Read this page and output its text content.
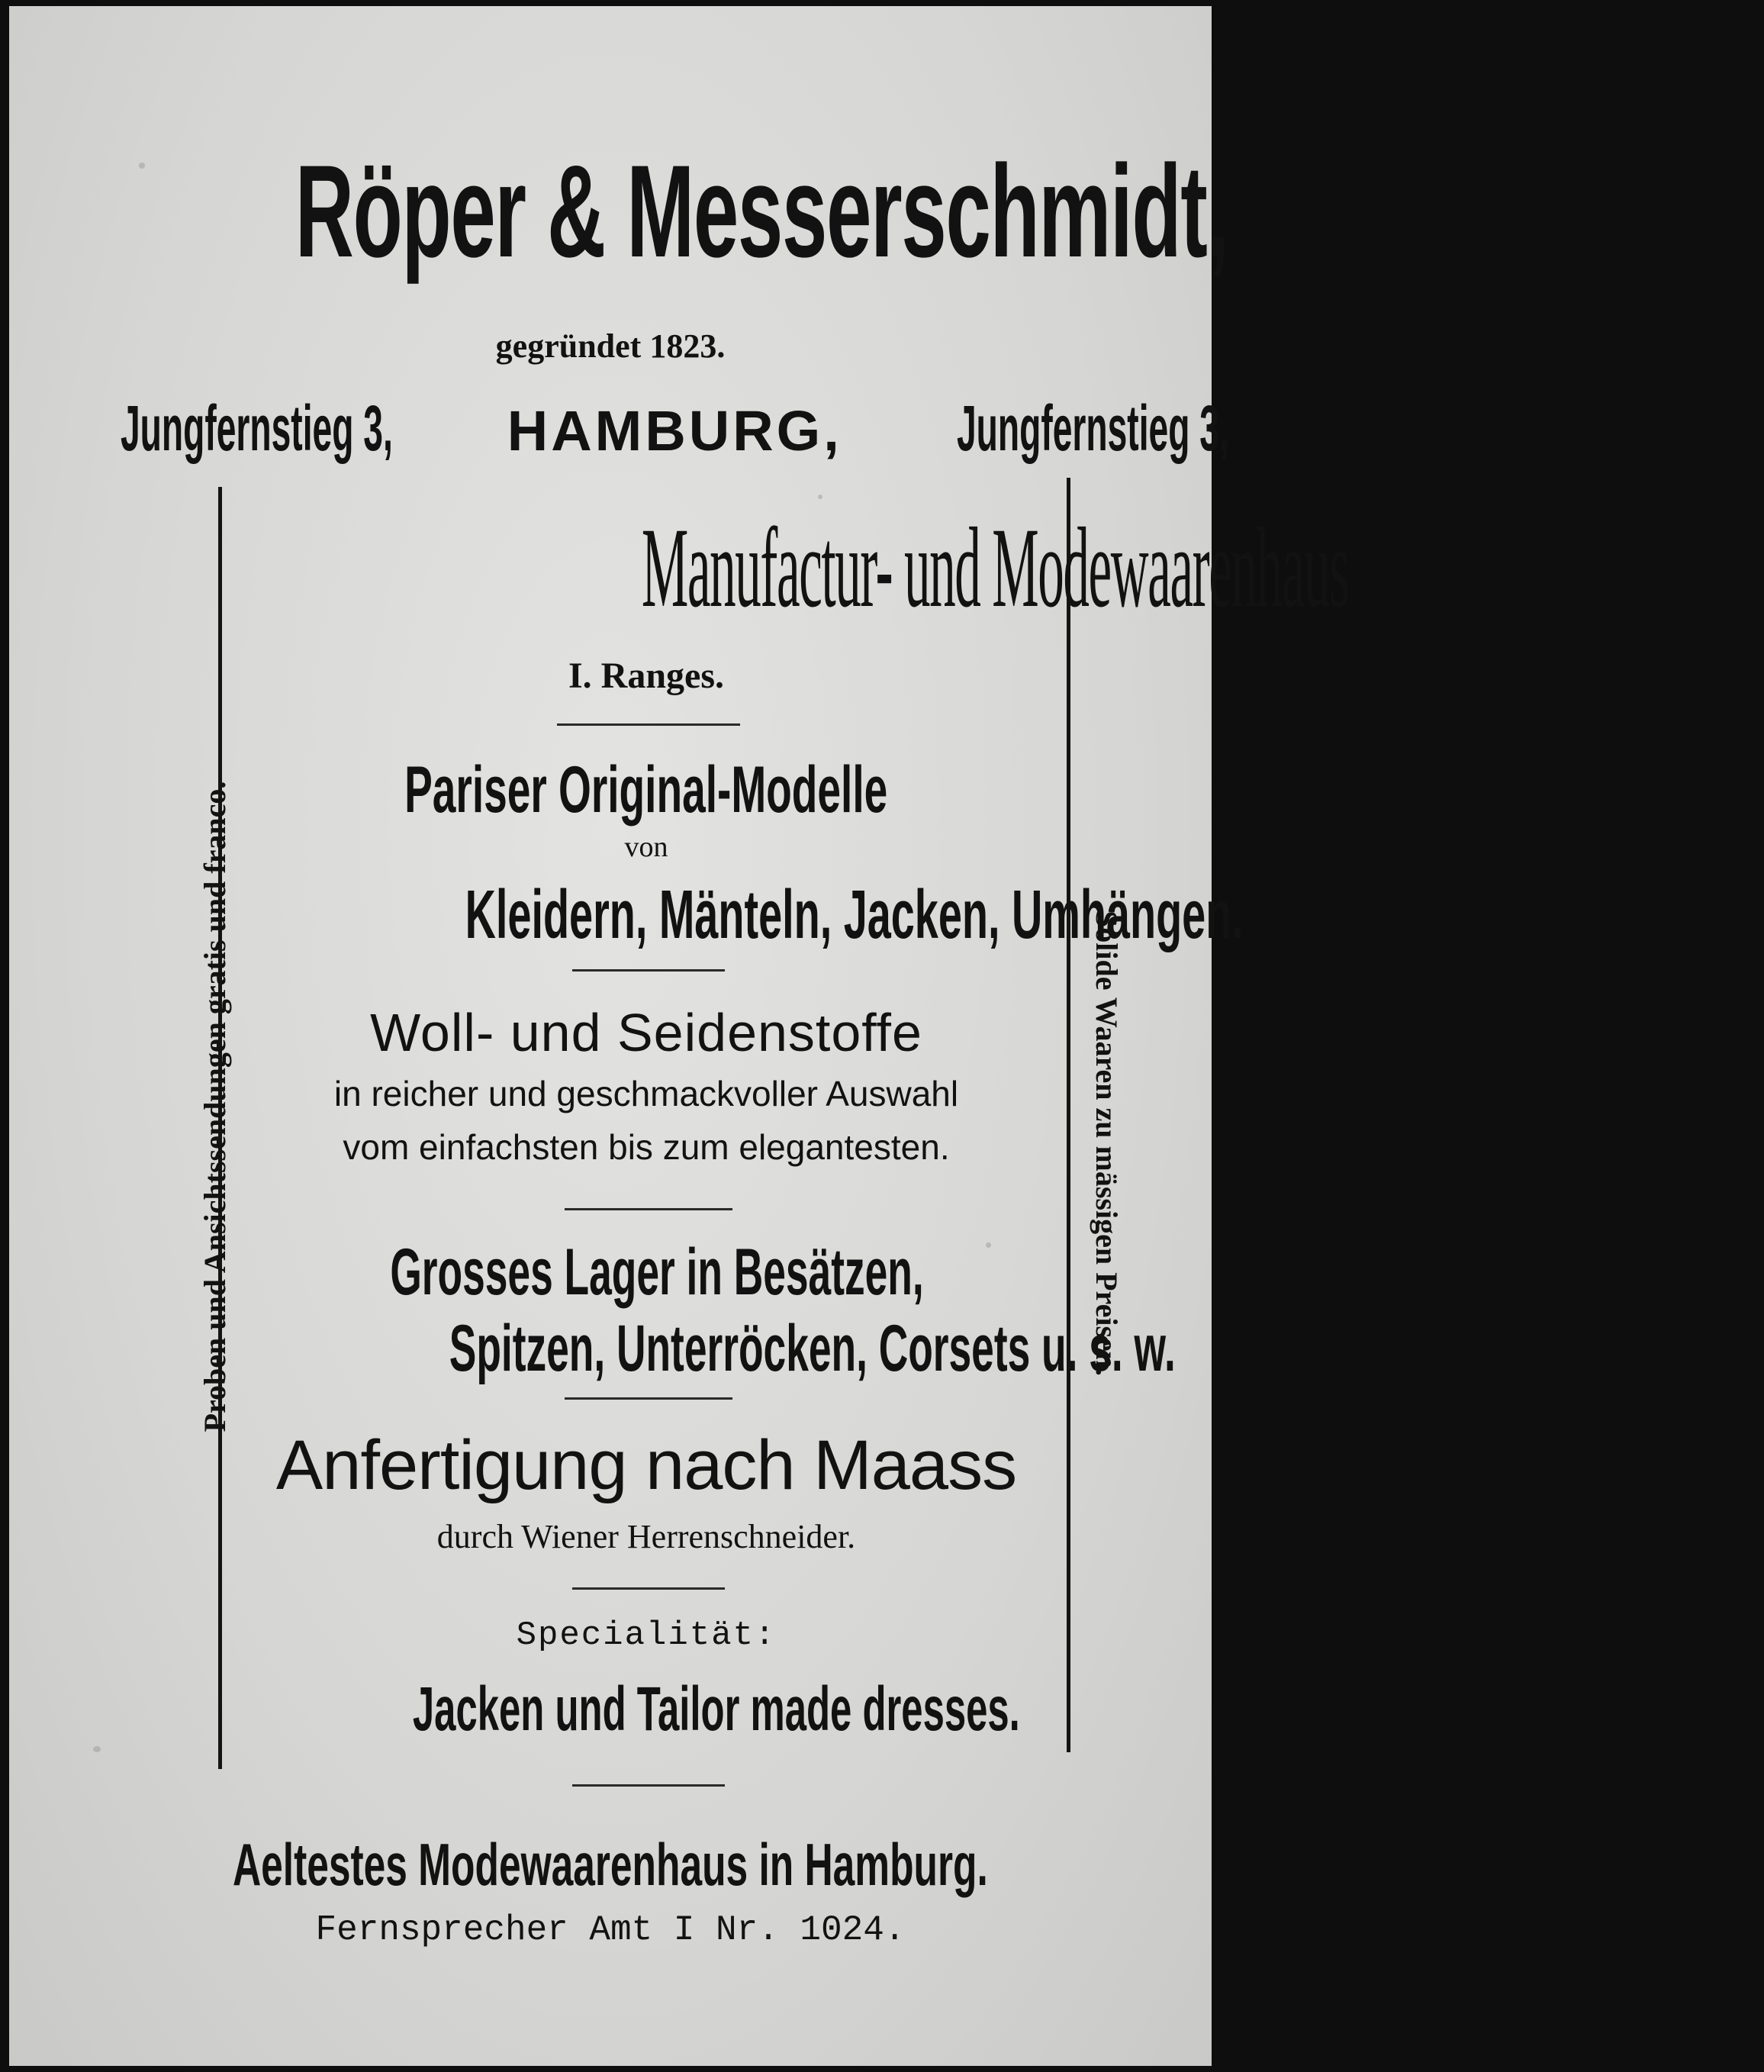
Röper & Messerschmidt,
gegründet 1823.
Jungfernstieg 3, HAMBURG, Jungfernstieg 3,
Proben und Ansichtssendungen gratis und franco.	Solide Waaren zu mässigen Preisen.
Manufactur- und Modewaarenhaus
I. Ranges.
Pariser Original-Modelle
von
Kleidern, Mänteln, Jacken, Umhängen.
Woll- und Seidenstoffe
in reicher und geschmackvoller Auswahl
vom einfachsten bis zum elegantesten.
Grosses Lager in Besätzen,
Spitzen, Unterröcken, Corsets u. s. w.
Anfertigung nach Maass
durch Wiener Herrenschneider.
Specialität:
Jacken und Tailor made dresses.
Aeltestes Modewaarenhaus in Hamburg.
Fernsprecher Amt I Nr. 1024.
